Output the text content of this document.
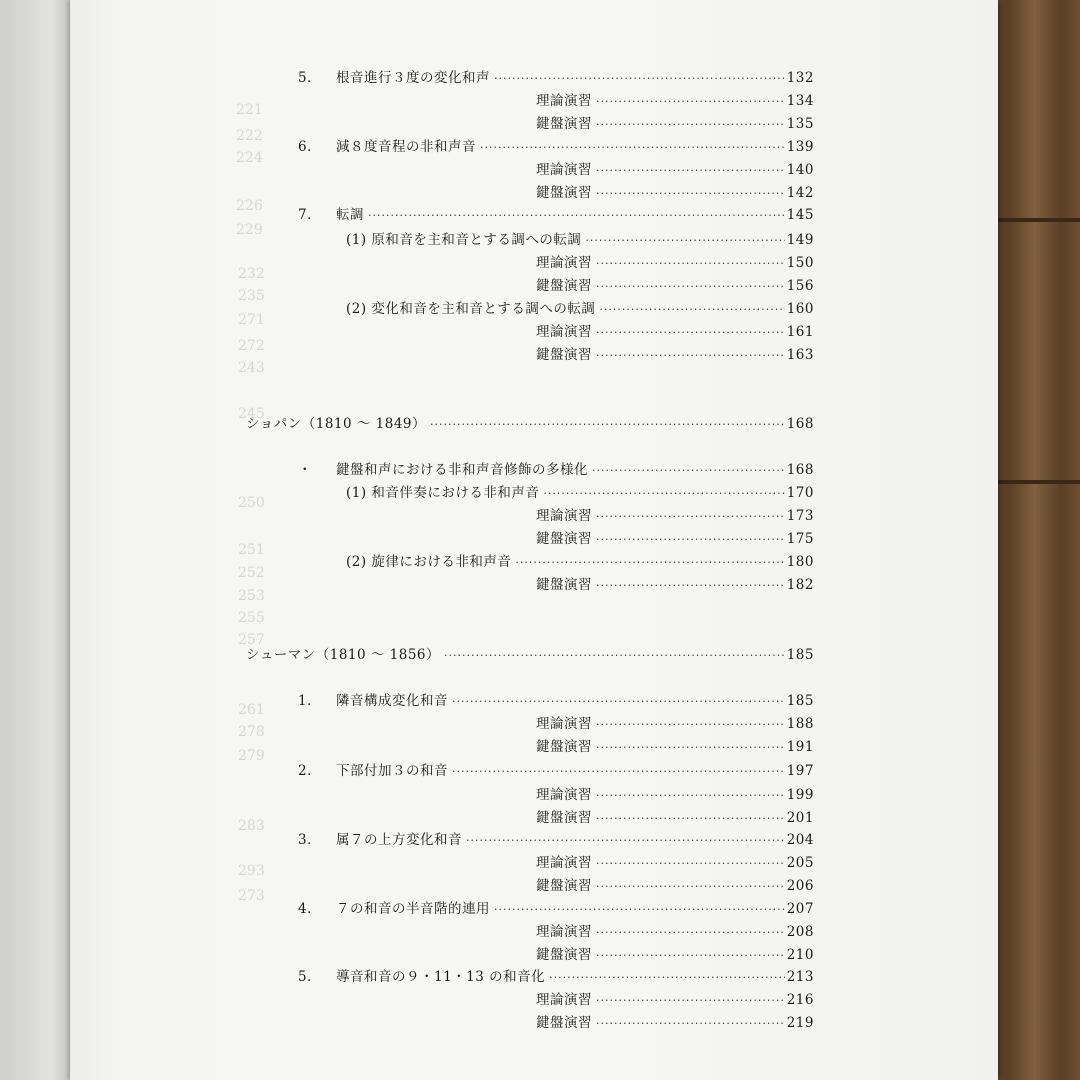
221
222
224
226
229
232
235
271
272
243
245
250
251
252
253
255
257
261
278
279
283
293
273
5．	根音進行３度の変化和声 ·····	132
理論演習 ·····	134
鍵盤演習 ·····	135
6．	減８度音程の非和声音 ·····	139
理論演習 ·····	140
鍵盤演習 ·····	142
7．	転調 ·····	145
(1) 原和音を主和音とする調への転調 ·····	149
理論演習 ·····	150
鍵盤演習 ·····	156
(2) 変化和音を主和音とする調への転調 ·····	160
理論演習 ·····	161
鍵盤演習 ·····	163
ショパン（1810 ～ 1849） ·····	168
・	鍵盤和声における非和声音修飾の多様化 ·····	168
(1) 和音伴奏における非和声音 ·····	170
理論演習 ·····	173
鍵盤演習 ·····	175
(2) 旋律における非和声音 ·····	180
鍵盤演習 ·····	182
シューマン（1810 ～ 1856） ·····	185
1．	隣音構成変化和音 ·····	185
理論演習 ·····	188
鍵盤演習 ·····	191
2．	下部付加３の和音 ·····	197
理論演習 ·····	199
鍵盤演習 ·····	201
3．	属７の上方変化和音 ·····	204
理論演習 ·····	205
鍵盤演習 ·····	206
4．	７の和音の半音階的連用 ·····	207
理論演習 ·····	208
鍵盤演習 ·····	210
5．	導音和音の９・11・13 の和音化 ·····	213
理論演習 ·····	216
鍵盤演習 ·····	219
